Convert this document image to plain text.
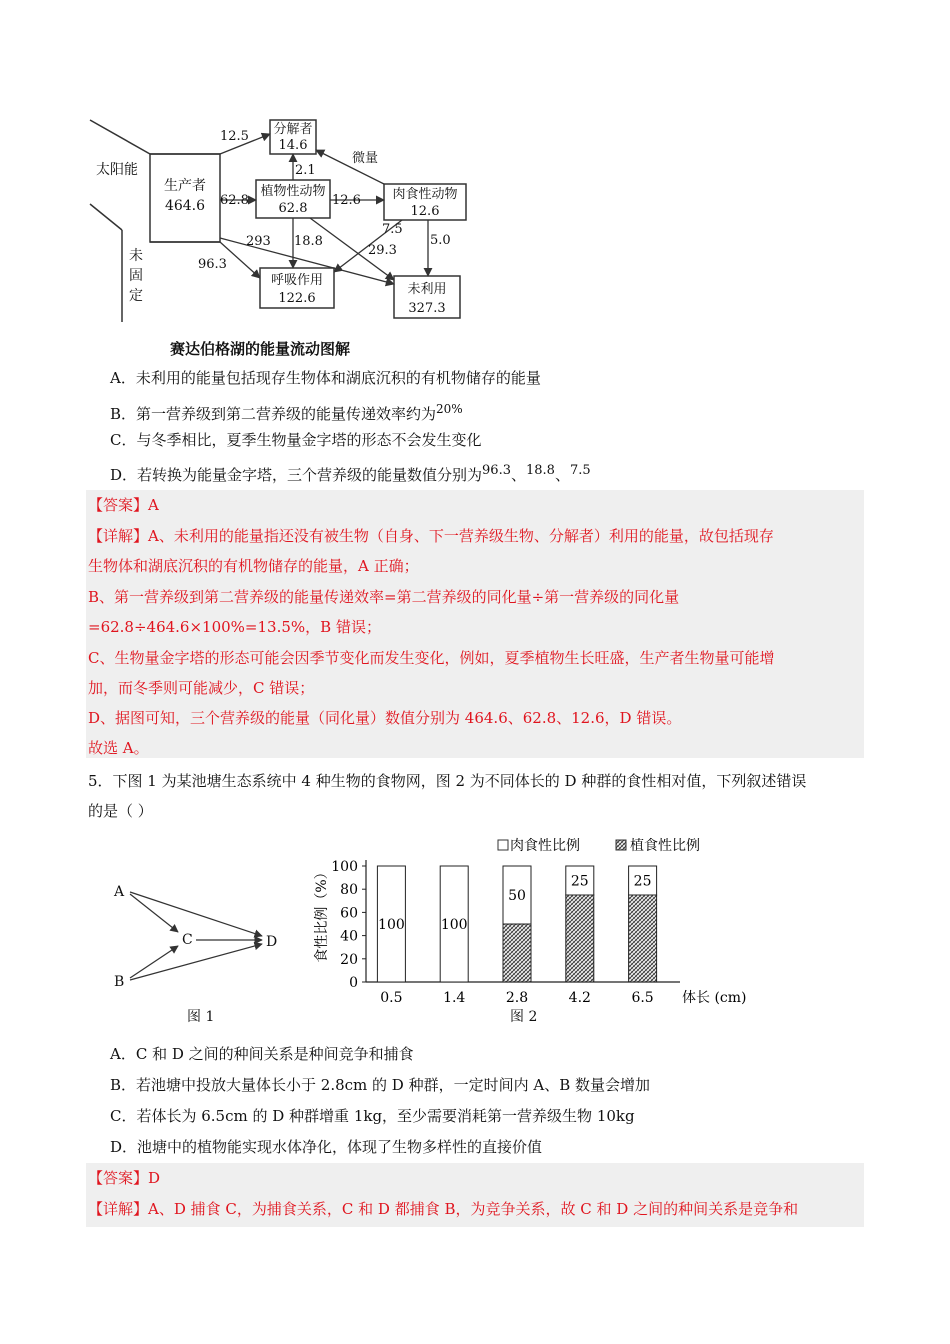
太阳能
未
固
定
生产者
464.6
分解者
14.6
植物性动物
62.8
肉食性动物
12.6
呼吸作用
122.6
未利用
327.3
12.5
62.8	12.6
2.1
微量
96.3
293 18.8
29.3
7.5
5.0
赛达伯格湖的能量流动图解
A．未利用的能量包括现存生物体和湖底沉积的有机物储存的能量
B．第一营养级到第二营养级的能量传递效率约为$^{20\%}$
C．与冬季相比，夏季生物量金字塔的形态不会发生变化
D．若转换为能量金字塔，三个营养级的能量数值分别为$^{96.3}$、$^{18.8}$、$^{7.5}$
【答案】A
【详解】A、未利用的能量指还没有被生物（自身、下一营养级生物、分解者）利用的能量，故包括现存
生物体和湖底沉积的有机物储存的能量，A 正确；
B、第一营养级到第二营养级的能量传递效率=第二营养级的同化量÷第一营养级的同化量
=62.8÷464.6×100%=13.5%，B 错误；
C、生物量金字塔的形态可能会因季节变化而发生变化，例如，夏季植物生长旺盛，生产者生物量可能增
加，而冬季则可能减少，C 错误；
D、据图可知，三个营养级的能量（同化量）数值分别为 464.6、62.8、12.6，D 错误。
故选 A。
5．下图 1 为某池塘生态系统中 4 种生物的食物网，图 2 为不同体长的 D 种群的食性相对值，下列叙述错误
的是（ ）
A
B
C	D
图 1
食性比例（%）
肉食性比例	植食性比例
0
20
40
60
80
100
100
0.5
100
1.4
50
2.8
25
4.2
25
6.5 体长 (cm)
图 2
A．C 和 D 之间的种间关系是种间竞争和捕食
B．若池塘中投放大量体长小于 2.8cm 的 D 种群，一定时间内 A、B 数量会增加
C．若体长为 6.5cm 的 D 种群增重 1kg，至少需要消耗第一营养级生物 10kg
D．池塘中的植物能实现水体净化，体现了生物多样性的直接价值
【答案】D
【详解】A、D 捕食 C，为捕食关系，C 和 D 都捕食 B，为竞争关系，故 C 和 D 之间的种间关系是竞争和
